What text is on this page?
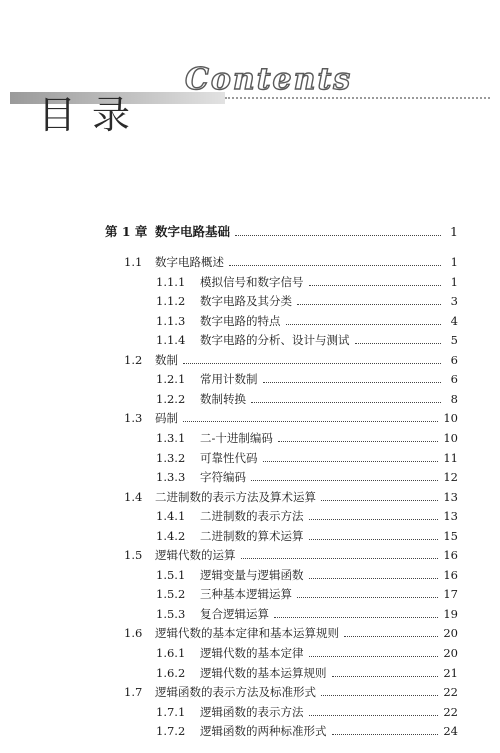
Contents
目录
第 1 章 数字电路基础	1
1.1	数字电路概述	1
1.1.1	模拟信号和数字信号	1
1.1.2	数字电路及其分类	3
1.1.3	数字电路的特点	4
1.1.4	数字电路的分析、设计与测试	5
1.2	数制	6
1.2.1	常用计数制	6
1.2.2	数制转换	8
1.3	码制	10
1.3.1	二-十进制编码	10
1.3.2	可靠性代码	11
1.3.3	字符编码	12
1.4	二进制数的表示方法及算术运算	13
1.4.1	二进制数的表示方法	13
1.4.2	二进制数的算术运算	15
1.5	逻辑代数的运算	16
1.5.1	逻辑变量与逻辑函数	16
1.5.2	三种基本逻辑运算	17
1.5.3	复合逻辑运算	19
1.6	逻辑代数的基本定律和基本运算规则	20
1.6.1	逻辑代数的基本定律	20
1.6.2	逻辑代数的基本运算规则	21
1.7	逻辑函数的表示方法及标准形式	22
1.7.1	逻辑函数的表示方法	22
1.7.2	逻辑函数的两种标准形式	24
